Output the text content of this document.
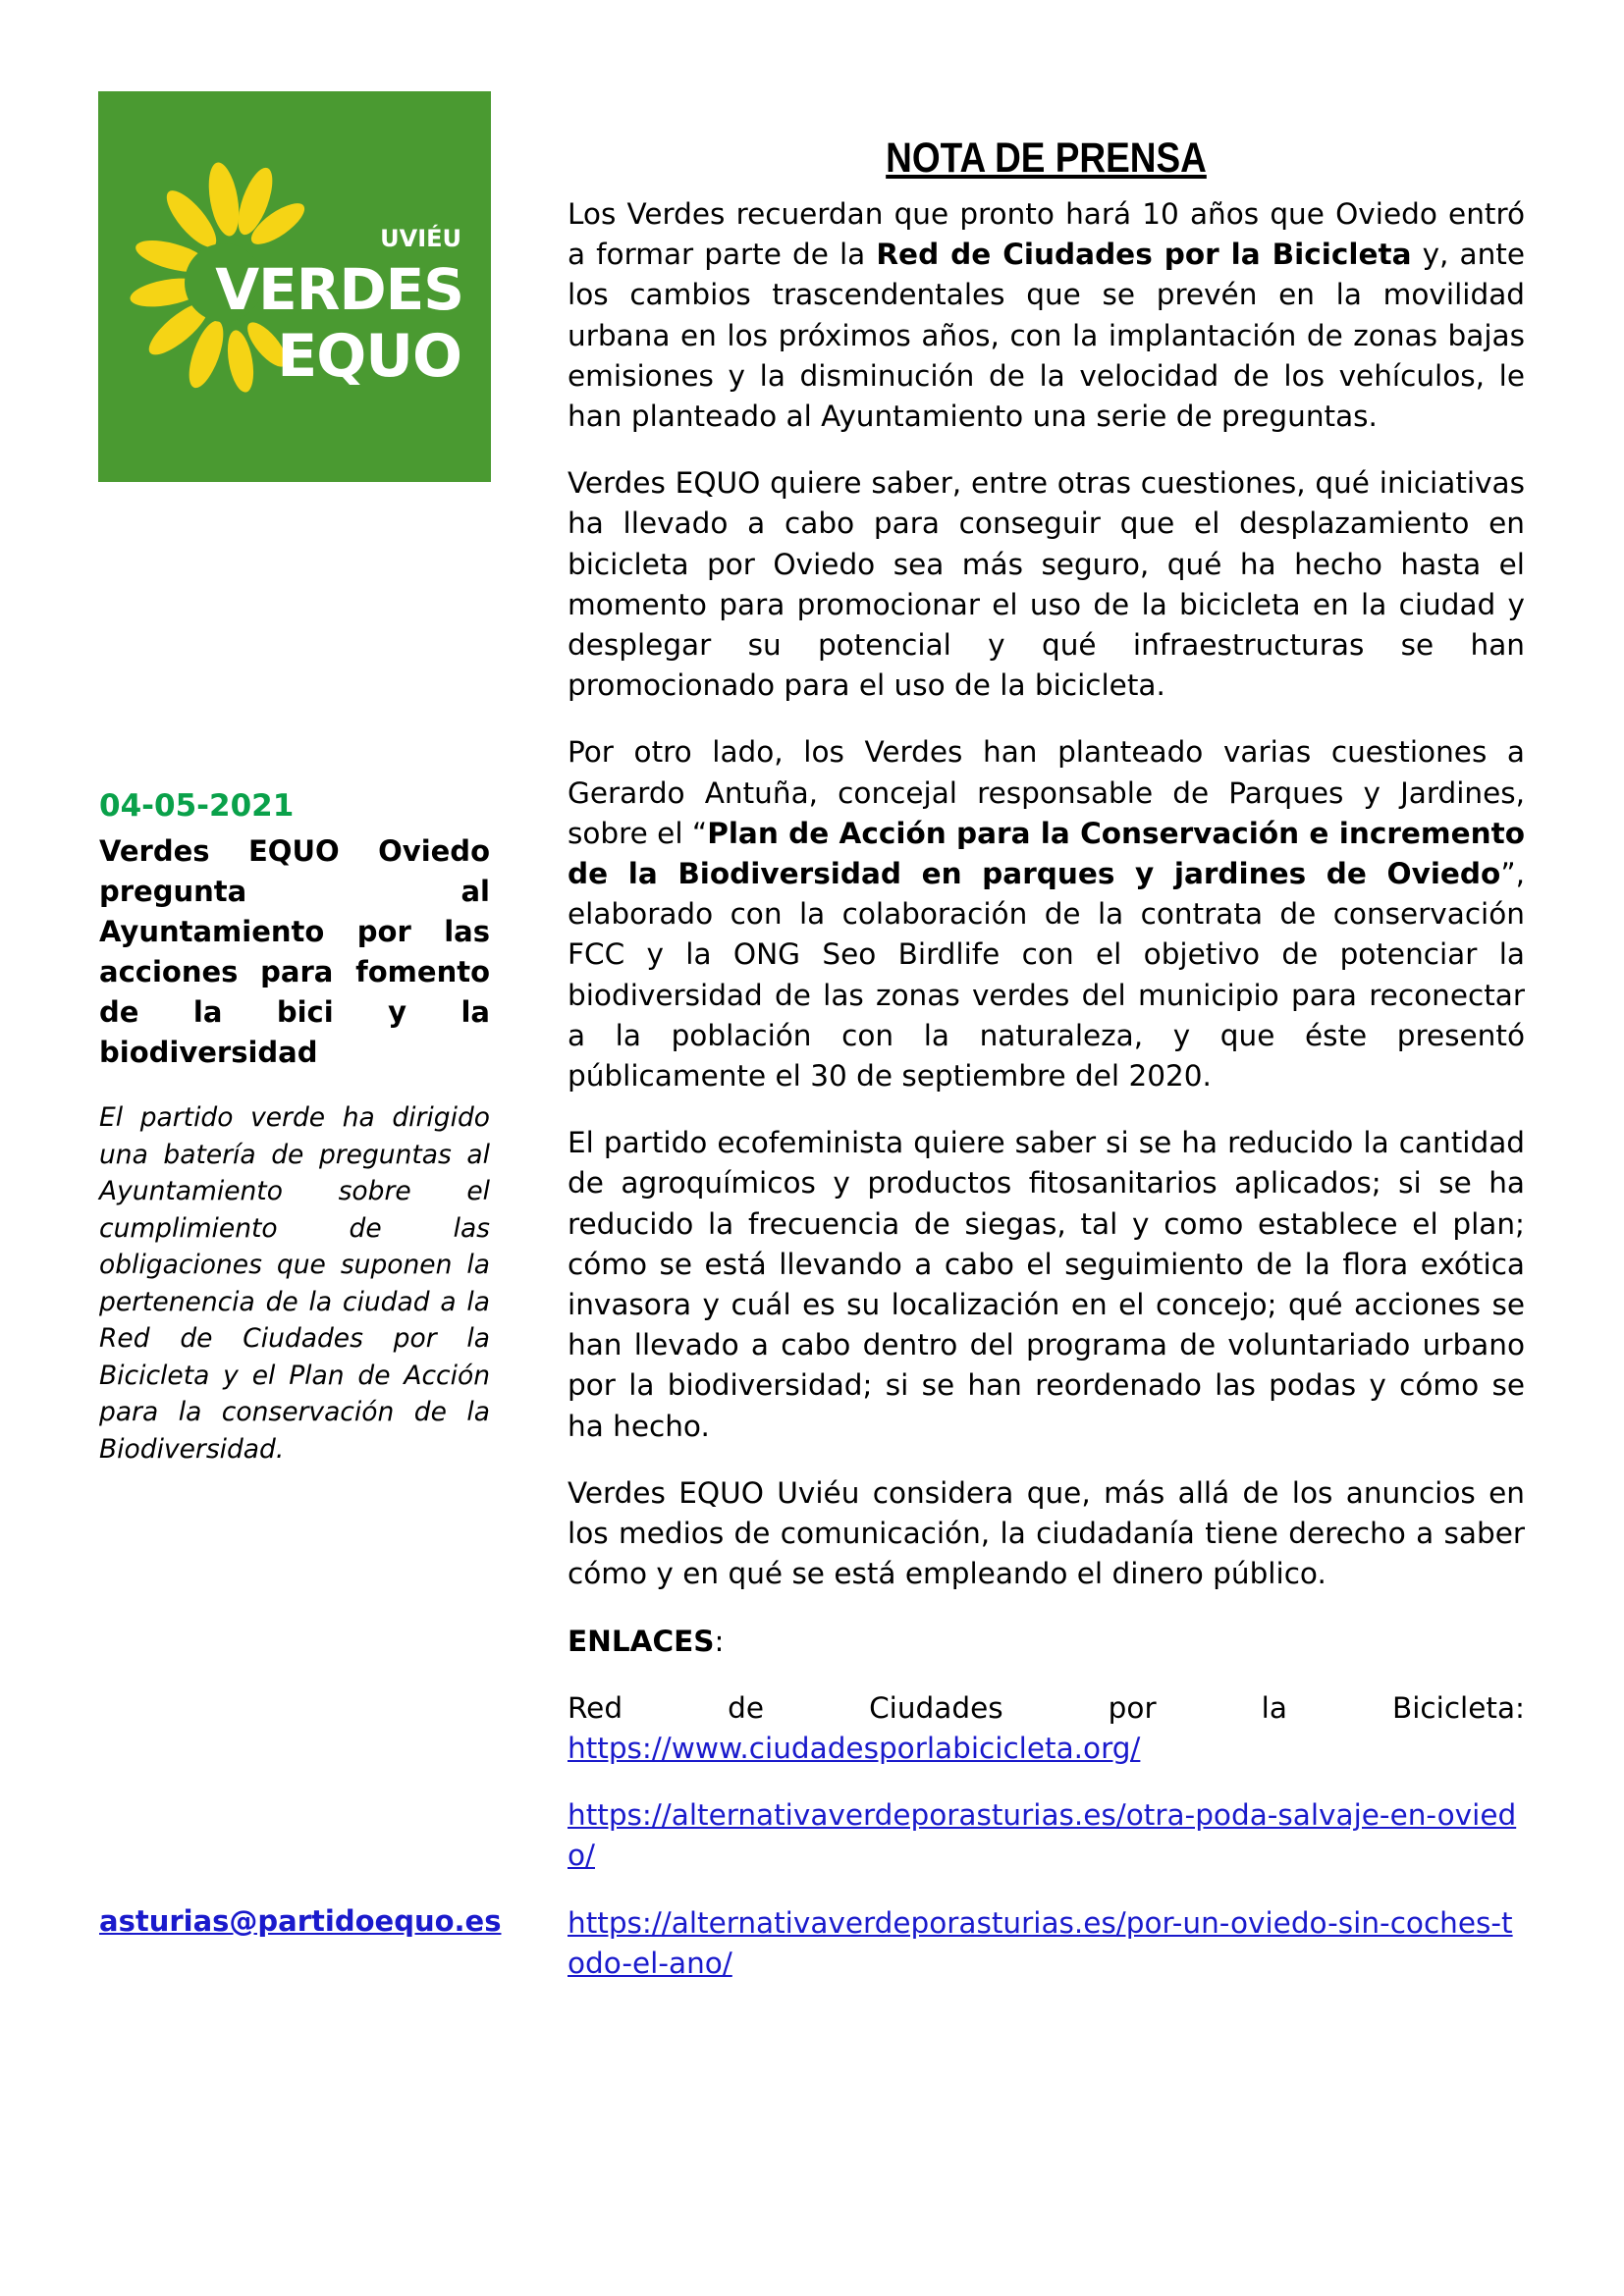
UVIÉU
VERDES
EQUO
04-05-2021
Verdes EQUO Oviedo pregunta al Ayuntamiento por las acciones para fomento de la bici y la biodiversidad
El partido verde ha dirigido una batería de preguntas al Ayuntamiento sobre el cumplimiento de las obligaciones que suponen la pertenencia de la ciudad a la Red de Ciudades por la Bicicleta y el Plan de Acción para la conservación de la Biodiversidad.
asturias@partidoequo.es
NOTA DE PRENSA
Los Verdes recuerdan que pronto hará 10 años que Oviedo entró a formar parte de la Red de Ciudades por la Bicicleta y, ante los cambios trascendentales que se prevén en la movilidad urbana en los próximos años, con la implantación de zonas bajas emisiones y la disminución de la velocidad de los vehículos, le han planteado al Ayuntamiento una serie de preguntas.
Verdes EQUO quiere saber, entre otras cuestiones, qué iniciativas ha llevado a cabo para conseguir que el desplazamiento en bicicleta por Oviedo sea más seguro, qué ha hecho hasta el momento para promocionar el uso de la bicicleta en la ciudad y desplegar su potencial y qué infraestructuras se han promocionado para el uso de la bicicleta.
Por otro lado, los Verdes han planteado varias cuestiones a Gerardo Antuña, concejal responsable de Parques y Jardines, sobre el “Plan de Acción para la Conservación e incremento de la Biodiversidad en parques y jardines de Oviedo”, elaborado con la colaboración de la contrata de conservación FCC y la ONG Seo Birdlife con el objetivo de potenciar la biodiversidad de las zonas verdes del municipio para reconectar a la población con la naturaleza, y que éste presentó públicamente el 30 de septiembre del 2020.
El partido ecofeminista quiere saber si se ha reducido la cantidad de agroquímicos y productos fitosanitarios aplicados; si se ha reducido la frecuencia de siegas, tal y como establece el plan; cómo se está llevando a cabo el seguimiento de la flora exótica invasora y cuál es su localización en el concejo; qué acciones se han llevado a cabo dentro del programa de voluntariado urbano por la biodiversidad; si se han reordenado las podas y cómo se ha hecho.
Verdes EQUO Uviéu considera que, más allá de los anuncios en los medios de comunicación, la ciudadanía tiene derecho a saber cómo y en qué se está empleando el dinero público.
ENLACES:
Red de Ciudades por la Bicicleta:
https://www.ciudadesporlabicicleta.org/
https://alternativaverdeporasturias.es/otra-poda-salvaje-en-oviedo/
https://alternativaverdeporasturias.es/por-un-oviedo-sin-coches-todo-el-ano/
